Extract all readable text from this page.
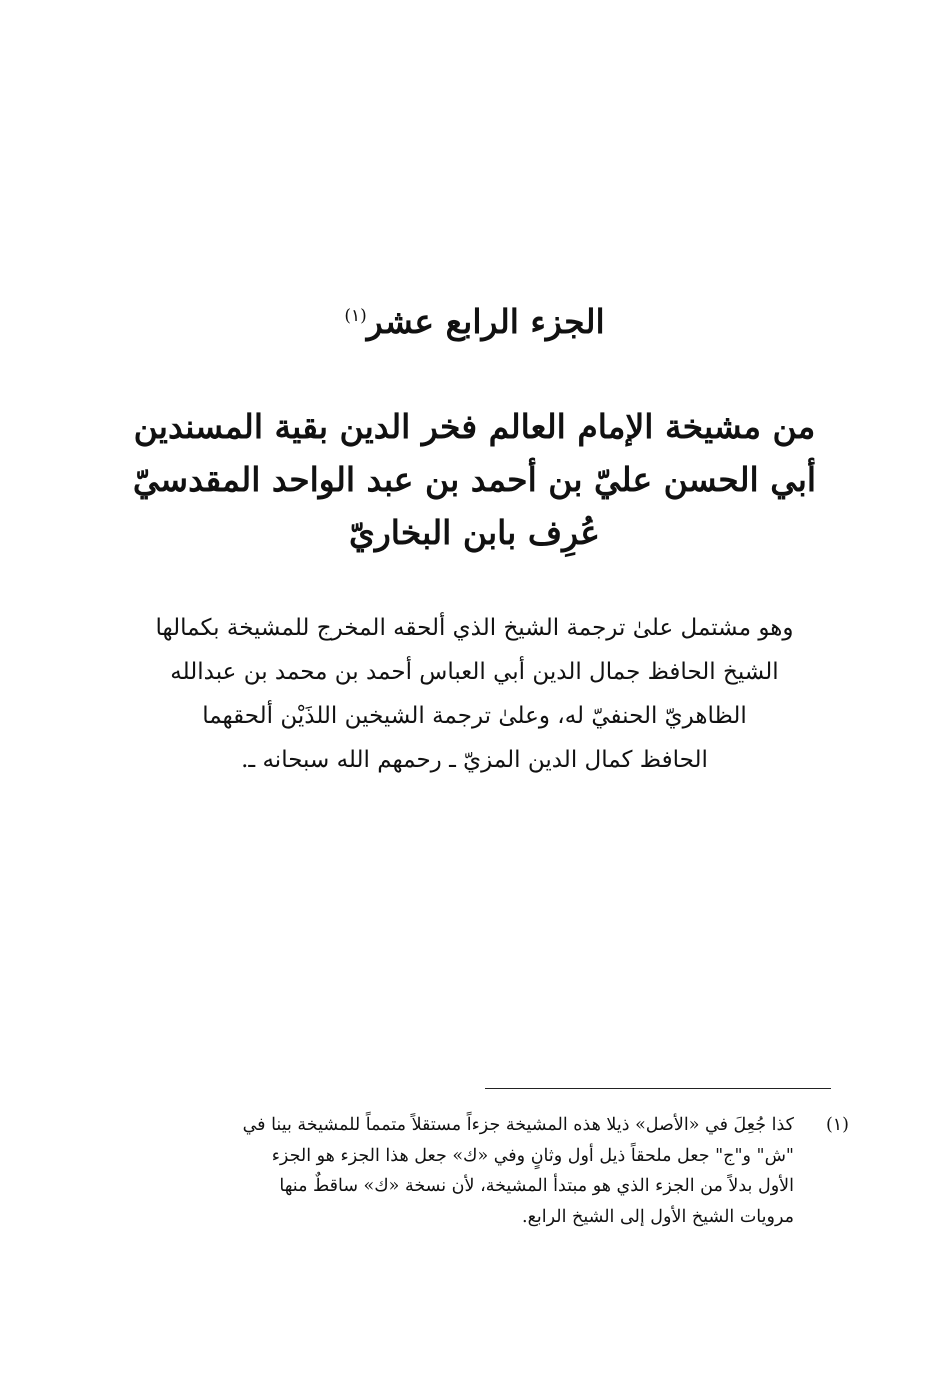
الجزء الرابع عشر$^{(١)}$
من مشيخة الإمام العالم فخر الدين بقية المسندين
أبي الحسن عليّ بن أحمد بن عبد الواحد المقدسيّ
عُرِف بابن البخاريّ
وهو مشتمل علىٰ ترجمة الشيخ الذي ألحقه المخرج للمشيخة بكمالها
الشيخ الحافظ جمال الدين أبي العباس أحمد بن محمد بن عبدالله
الظاهريّ الحنفيّ له، وعلىٰ ترجمة الشيخين اللذَيْن ألحقهما
الحافظ كمال الدين المزيّ ـ رحمهم الله سبحانه ـ.
(١)
كذا جُعِلَ في «الأصل» ذيلا هذه المشيخة جزءاً مستقلاً متمماً للمشيخة بينا في
"ش" و"ج" جعل ملحقاً ذيل أول وثانٍ وفي «ك» جعل هذا الجزء هو الجزء
الأول بدلاً من الجزء الذي هو مبتدأ المشيخة، لأن نسخة «ك» ساقطٌ منها
مرويات الشيخ الأول إلى الشيخ الرابع.
